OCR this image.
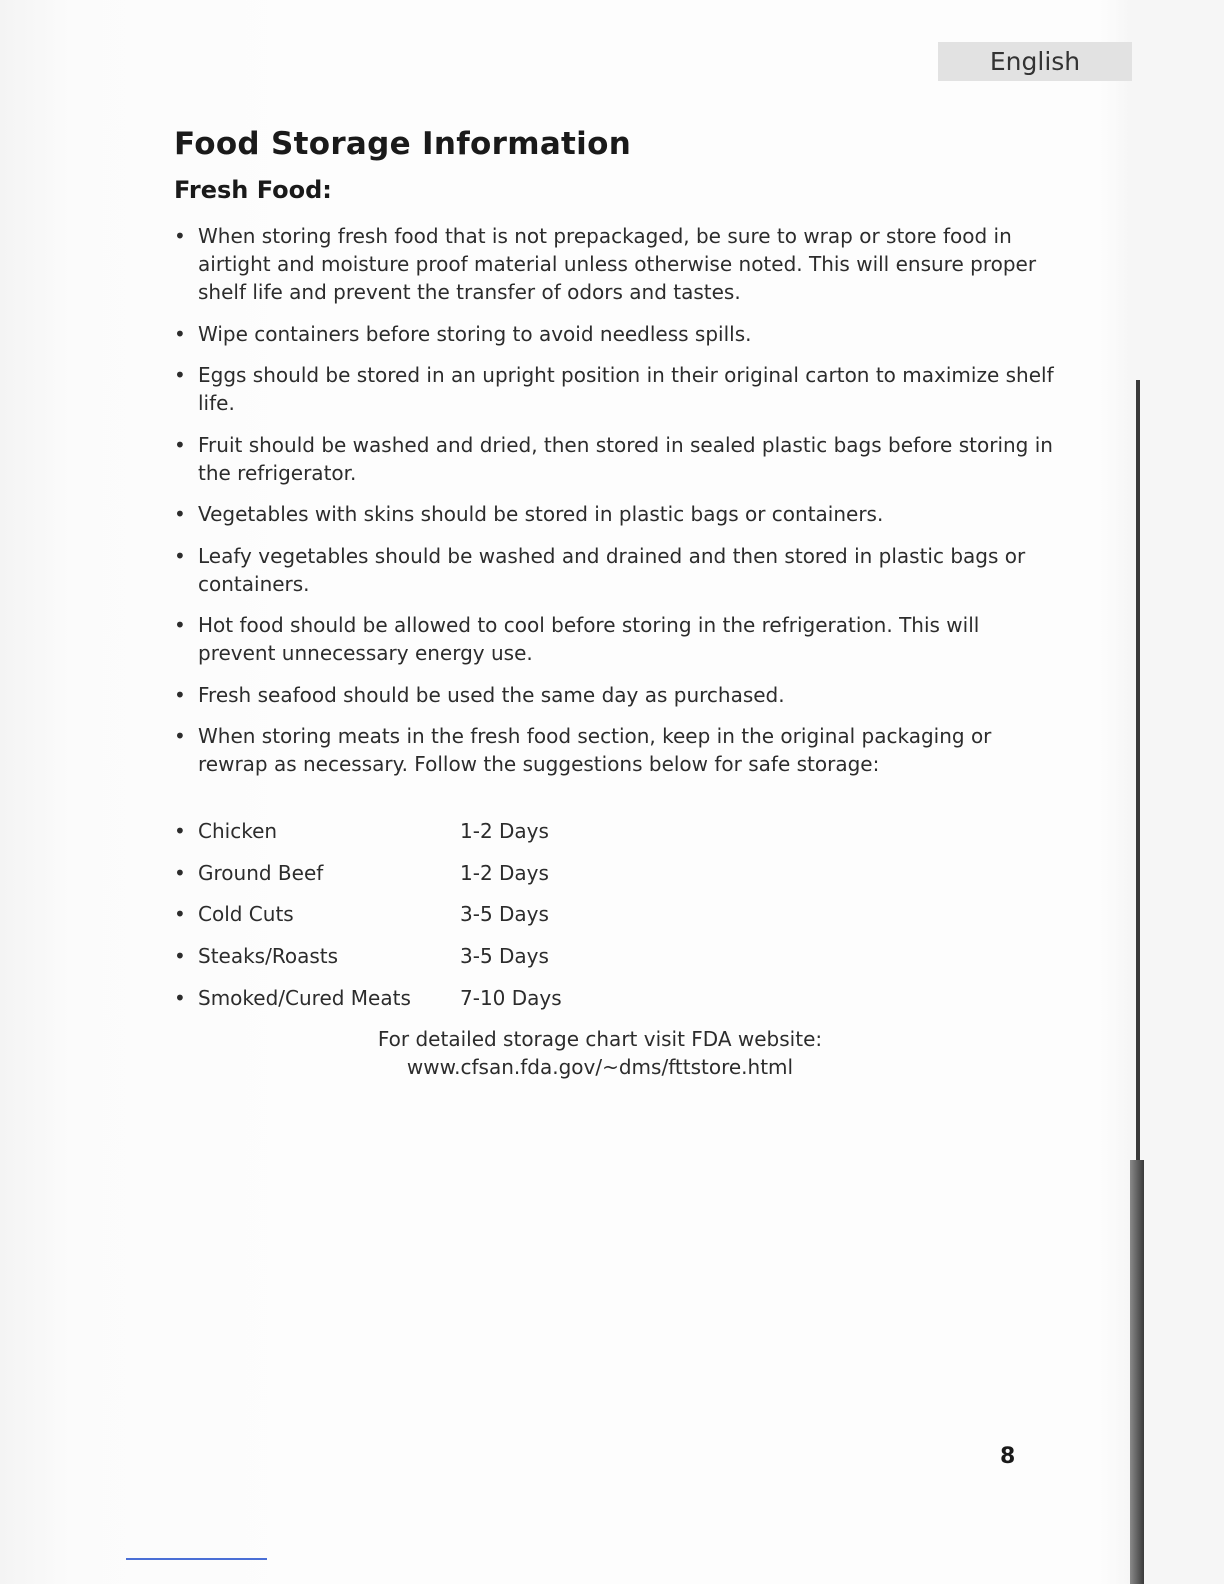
English
Food Storage Information
Fresh Food:
• When storing fresh food that is not prepackaged, be sure to wrap or store food in airtight and moisture proof material unless otherwise noted. This will ensure proper shelf life and prevent the transfer of odors and tastes.
• Wipe containers before storing to avoid needless spills.
• Eggs should be stored in an upright position in their original carton to maximize shelf life.
• Fruit should be washed and dried, then stored in sealed plastic bags before storing in the refrigerator.
• Vegetables with skins should be stored in plastic bags or containers.
• Leafy vegetables should be washed and drained and then stored in plastic bags or containers.
• Hot food should be allowed to cool before storing in the refrigeration. This will prevent unnecessary energy use.
• Fresh seafood should be used the same day as purchased.
• When storing meats in the fresh food section, keep in the original packaging or rewrap as necessary. Follow the suggestions below for safe storage:
• Chicken	1-2 Days
• Ground Beef	1-2 Days
• Cold Cuts	3-5 Days
• Steaks/Roasts	3-5 Days
• Smoked/Cured Meats 7-10 Days
For detailed storage chart visit FDA website:
www.cfsan.fda.gov/~dms/fttstore.html
8
